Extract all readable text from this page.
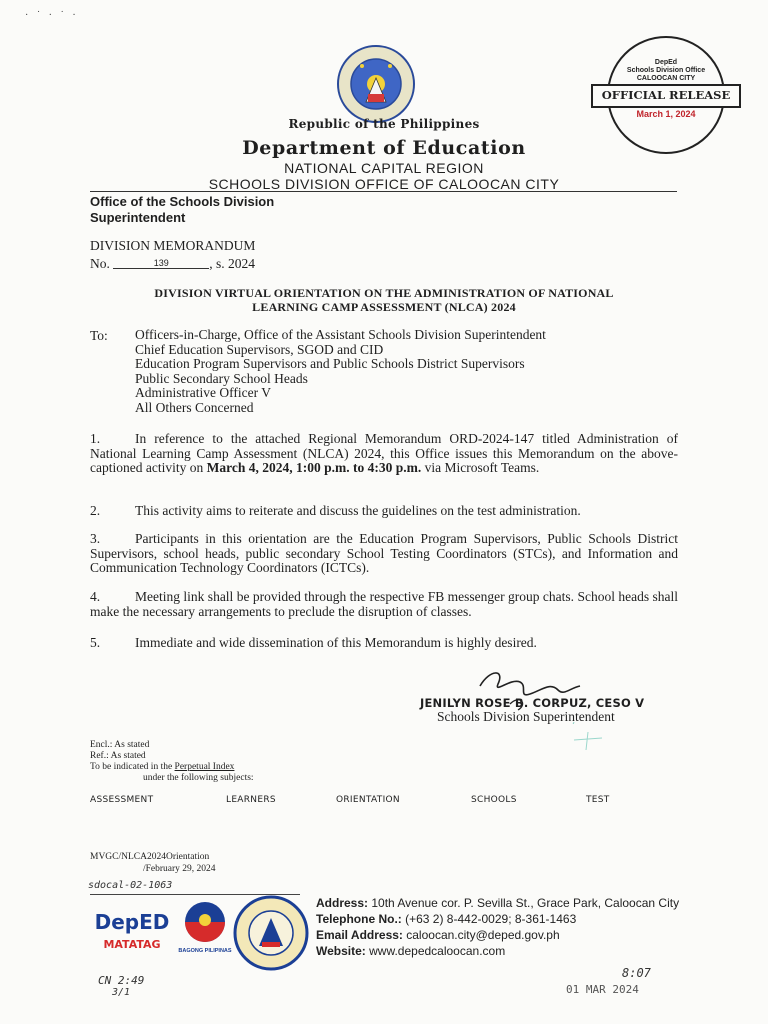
· ˙ · ˙ ·
DepEd
Schools Division Office
CALOOCAN CITY
OFFICIAL RELEASE
March 1, 2024
Republic of the Philippines
Department of Education
NATIONAL CAPITAL REGION
SCHOOLS DIVISION OFFICE OF CALOOCAN CITY
Office of the Schools Division
Superintendent
DIVISION MEMORANDUM
No.	139	, s. 2024
DIVISION VIRTUAL ORIENTATION ON THE ADMINISTRATION OF NATIONAL
LEARNING CAMP ASSESSMENT (NLCA) 2024
To: Officers-in-Charge, Office of the Assistant Schools Division Superintendent
Chief Education Supervisors, SGOD and CID
Education Program Supervisors and Public Schools District Supervisors
Public Secondary School Heads
Administrative Officer V
All Others Concerned
1.	In reference to the attached Regional Memorandum ORD-2024-147 titled Administration of National Learning Camp Assessment (NLCA) 2024, this Office issues this Memorandum on the above-captioned activity on March 4, 2024, 1:00 p.m. to 4:30 p.m. via Microsoft Teams.
2.	This activity aims to reiterate and discuss the guidelines on the test administration.
3.	Participants in this orientation are the Education Program Supervisors, Public Schools District Supervisors, school heads, public secondary School Testing Coordinators (STCs), and Information and Communication Technology Coordinators (ICTCs).
4.	Meeting link shall be provided through the respective FB messenger group chats. School heads shall make the necessary arrangements to preclude the disruption of classes.
5.	Immediate and wide dissemination of this Memorandum is highly desired.
JENILYN ROSE B. CORPUZ, CESO V
Schools Division Superintendent
Encl.: As stated
Ref.: As stated
To be indicated in the Perpetual Index
under the following subjects:
ASSESSMENT	LEARNERS	ORIENTATION	SCHOOLS	TEST
MVGC/NLCA2024Orientation
/February 29, 2024
sdocal-02-1063
DepED
MATATAG	BAGONG PILIPINAS
Address: 10th Avenue cor. P. Sevilla St., Grace Park, Caloocan City
Telephone No.: (+63 2) 8-442-0029; 8-361-1463
Email Address: caloocan.city@deped.gov.ph
Website: www.depedcaloocan.com
CN 2:49
3/1
8:07
01 MAR 2024
